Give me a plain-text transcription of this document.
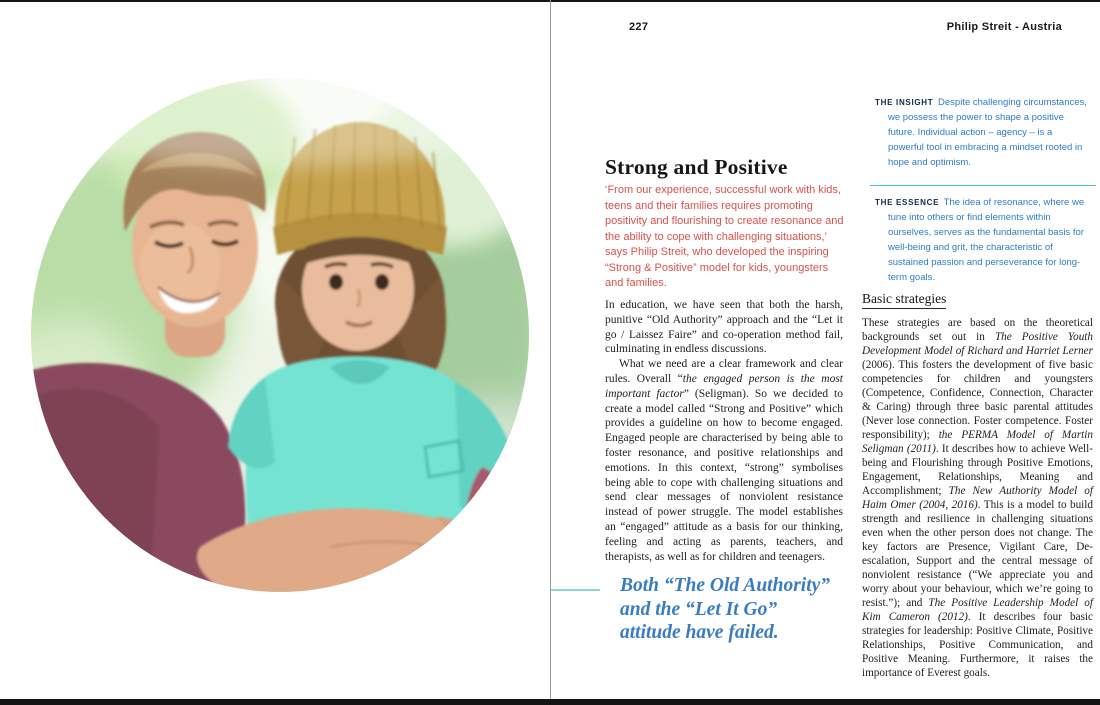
227	Philip Streit - Austria
Strong and Positive
‘From our experience, successful work with kids, teens and their families requires promoting positivity and flourishing to create resonance and the ability to cope with challenging situations,’ says Philip Streit, who developed the inspiring “Strong & Positive” model for kids, youngsters and families.

In education, we have seen that both the harsh, punitive “Old Authority” approach and the “Let it go / Laissez Faire” and co-operation method fail, culminating in endless discussions.

What we need are a clear framework and clear rules. Overall “the engaged person is the most important factor” (Seligman). So we decided to create a model called “Strong and Positive” which provides a guideline on how to become engaged. Engaged people are characterised by being able to foster resonance, and positive relationships and emotions. In this context, “strong” symbolises being able to cope with challenging situations and send clear messages of nonviolent resistance instead of power struggle. The model establishes an “engaged” attitude as a basis for our thinking, feeling and acting as parents, teachers, and therapists, as well as for children and teenagers.

Both “The Old Authority”
and the “Let It Go”
attitude have failed.

THE INSIGHT Despite challenging circumstances, we possess the power to shape a positive future. Individual action – agency – is a powerful tool in embracing a mindset rooted in hope and optimism.

THE ESSENCE The idea of resonance, where we tune into others or find elements within ourselves, serves as the fundamental basis for well-being and grit, the characteristic of sustained passion and perseverance for long-term goals.

Basic strategies
These strategies are based on the theoretical backgrounds set out in The Positive Youth Development Model of Richard and Harriet Lerner (2006). This fosters the development of five basic competencies for children and youngsters (Competence, Confidence, Connection, Character & Caring) through three basic parental attitudes (Never lose connection. Foster competence. Foster responsibility); the PERMA Model of Martin Seligman (2011). It describes how to achieve Well-being and Flourishing through Positive Emotions, Engagement, Relationships, Meaning and Accomplishment; The New Authority Model of Haim Omer (2004, 2016). This is a model to build strength and resilience in challenging situations even when the other person does not change. The key factors are Presence, Vigilant Care, De-escalation, Support and the central message of nonviolent resistance (“We appreciate you and worry about your behaviour, which we’re going to resist.”); and The Positive Leadership Model of Kim Cameron (2012). It describes four basic strategies for leadership: Positive Climate, Positive Relationships, Positive Communication, and Positive Meaning. Furthermore, it raises the importance of Everest goals.
